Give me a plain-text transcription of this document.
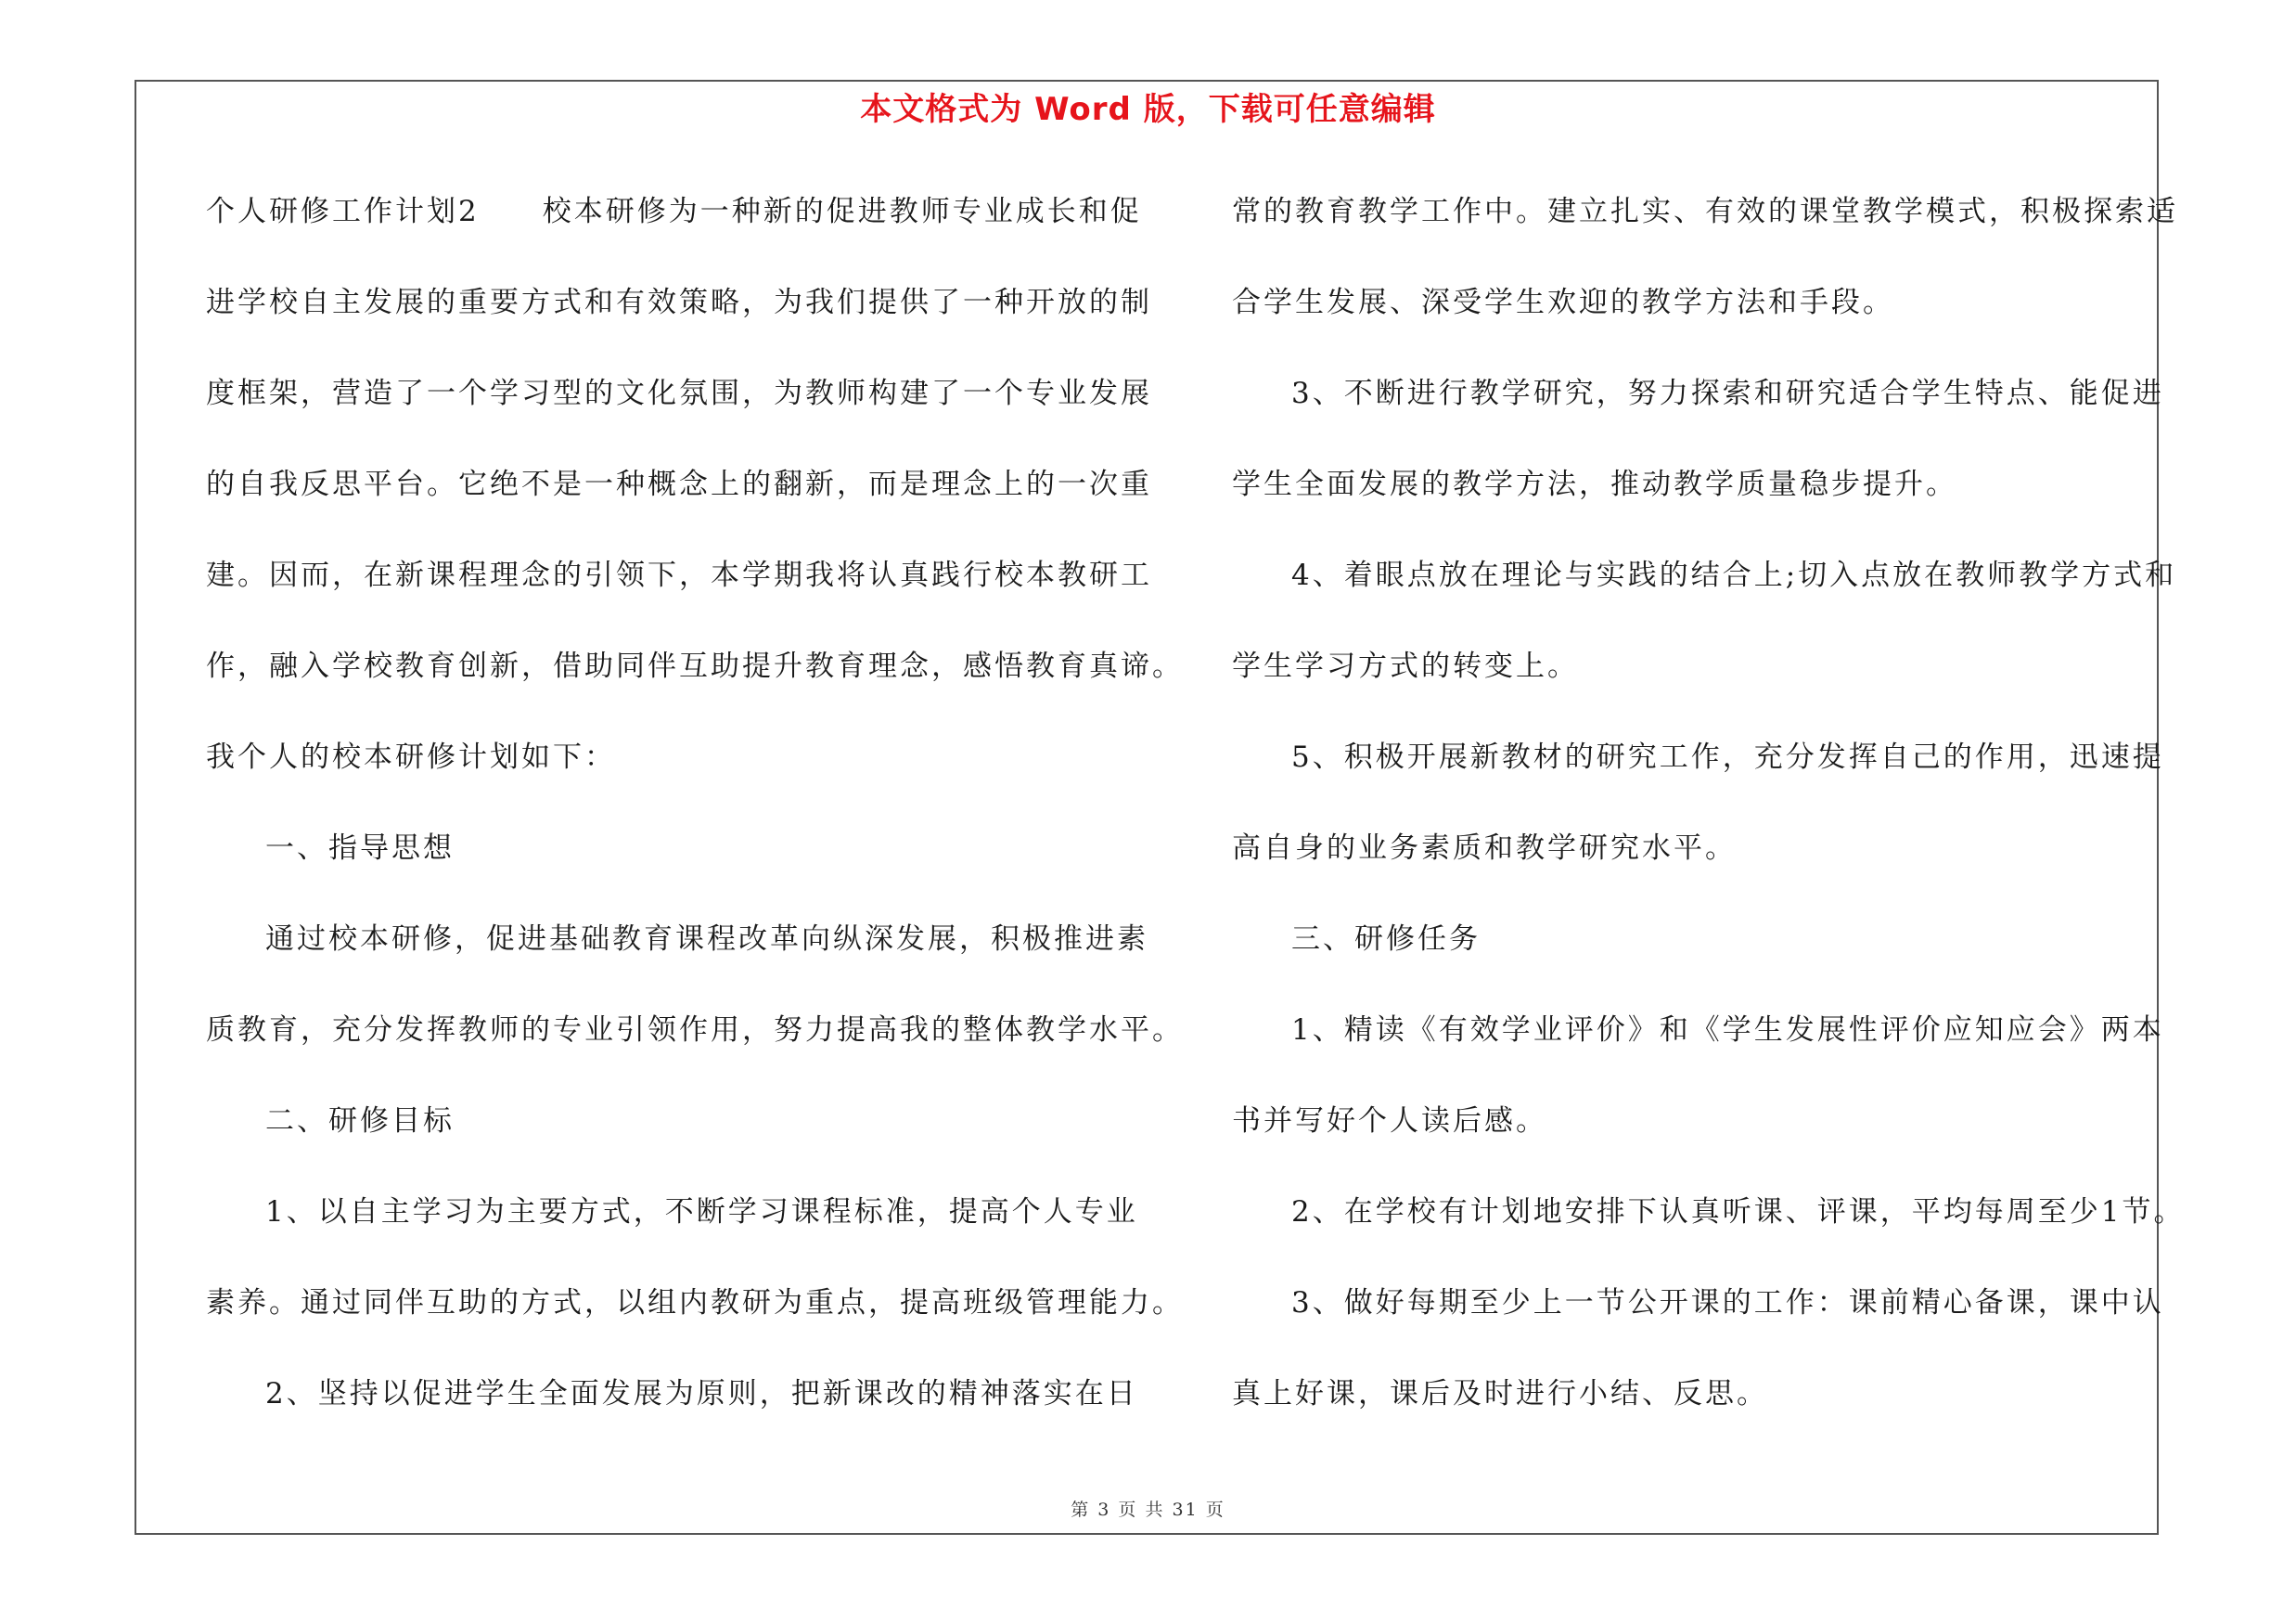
本文格式为 Word 版，下载可任意编辑
个人研修工作计划2　　校本研修为一种新的促进教师专业成长和促
进学校自主发展的重要方式和有效策略，为我们提供了一种开放的制
度框架，营造了一个学习型的文化氛围，为教师构建了一个专业发展
的自我反思平台。它绝不是一种概念上的翻新，而是理念上的一次重
建。因而，在新课程理念的引领下，本学期我将认真践行校本教研工
作，融入学校教育创新，借助同伴互助提升教育理念，感悟教育真谛。
我个人的校本研修计划如下：
一、指导思想
通过校本研修，促进基础教育课程改革向纵深发展，积极推进素
质教育，充分发挥教师的专业引领作用，努力提高我的整体教学水平。
二、研修目标
1、以自主学习为主要方式，不断学习课程标准，提高个人专业
素养。通过同伴互助的方式，以组内教研为重点，提高班级管理能力。
2、坚持以促进学生全面发展为原则，把新课改的精神落实在日
常的教育教学工作中。建立扎实、有效的课堂教学模式，积极探索适
合学生发展、深受学生欢迎的教学方法和手段。
3、不断进行教学研究，努力探索和研究适合学生特点、能促进
学生全面发展的教学方法，推动教学质量稳步提升。
4、着眼点放在理论与实践的结合上;切入点放在教师教学方式和
学生学习方式的转变上。
5、积极开展新教材的研究工作，充分发挥自己的作用，迅速提
高自身的业务素质和教学研究水平。
三、研修任务
1、精读《有效学业评价》和《学生发展性评价应知应会》两本
书并写好个人读后感。
2、在学校有计划地安排下认真听课、评课，平均每周至少1节。
3、做好每期至少上一节公开课的工作：课前精心备课，课中认
真上好课，课后及时进行小结、反思。
第 3 页 共 31 页
